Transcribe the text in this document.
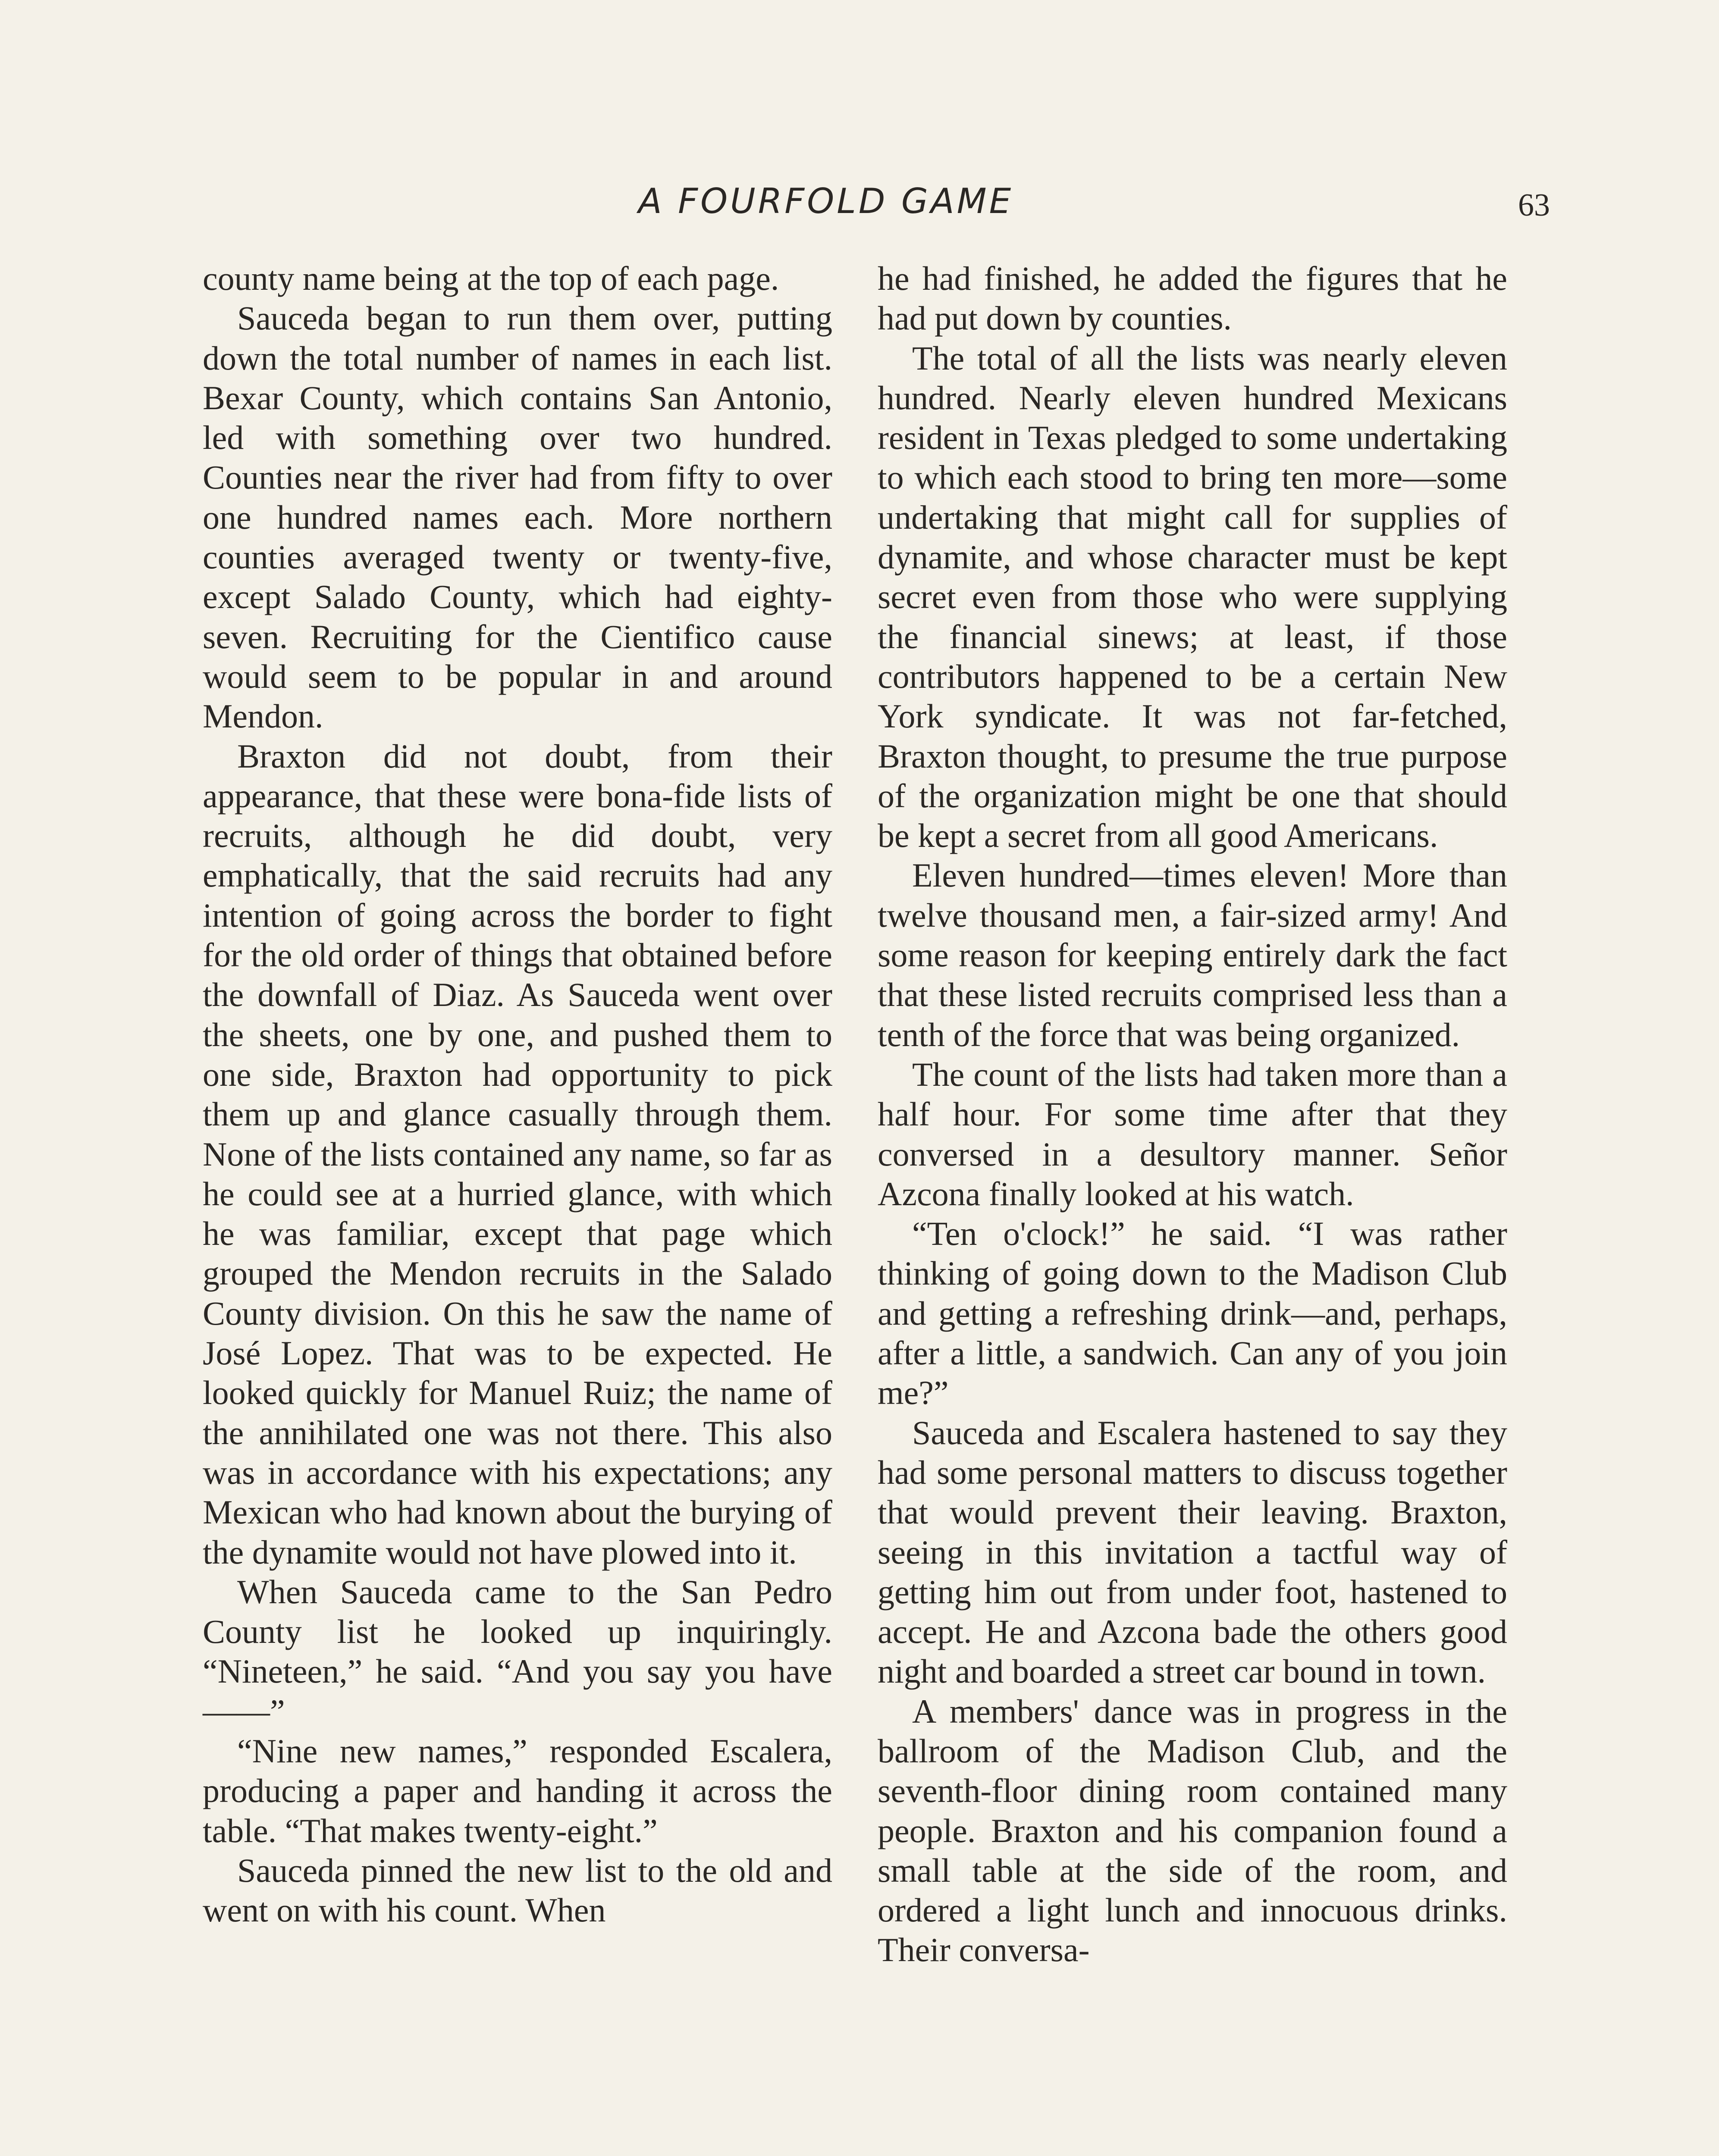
A FOURFOLD GAME	63

county name being at the top of each page.

Sauceda began to run them over, putting down the total number of names in each list. Bexar County, which contains San Antonio, led with something over two hundred. Counties near the river had from fifty to over one hundred names each. More northern counties averaged twenty or twenty-five, except Salado County, which had eighty-seven. Recruiting for the Cientifico cause would seem to be popular in and around Mendon.

Braxton did not doubt, from their appearance, that these were bona-fide lists of recruits, although he did doubt, very emphatically, that the said recruits had any intention of going across the border to fight for the old order of things that obtained before the downfall of Diaz. As Sauceda went over the sheets, one by one, and pushed them to one side, Braxton had opportunity to pick them up and glance casually through them. None of the lists contained any name, so far as he could see at a hurried glance, with which he was familiar, except that page which grouped the Mendon recruits in the Salado County division. On this he saw the name of José Lopez. That was to be expected. He looked quickly for Manuel Ruiz; the name of the annihilated one was not there. This also was in accordance with his expectations; any Mexican who had known about the burying of the dynamite would not have plowed into it.

When Sauceda came to the San Pedro County list he looked up inquiringly. “Nineteen,” he said. “And you say you have——”

“Nine new names,” responded Escalera, producing a paper and handing it across the table. “That makes twenty-eight.”

Sauceda pinned the new list to the old and went on with his count. When

he had finished, he added the figures that he had put down by counties.

The total of all the lists was nearly eleven hundred. Nearly eleven hundred Mexicans resident in Texas pledged to some undertaking to which each stood to bring ten more—some undertaking that might call for supplies of dynamite, and whose character must be kept secret even from those who were supplying the financial sinews; at least, if those contributors happened to be a certain New York syndicate. It was not far-fetched, Braxton thought, to presume the true purpose of the organization might be one that should be kept a secret from all good Americans.

Eleven hundred—times eleven! More than twelve thousand men, a fair-sized army! And some reason for keeping entirely dark the fact that these listed recruits comprised less than a tenth of the force that was being organized.

The count of the lists had taken more than a half hour. For some time after that they conversed in a desultory manner. Señor Azcona finally looked at his watch.

“Ten o'clock!” he said. “I was rather thinking of going down to the Madison Club and getting a refreshing drink—and, perhaps, after a little, a sandwich. Can any of you join me?”

Sauceda and Escalera hastened to say they had some personal matters to discuss together that would prevent their leaving. Braxton, seeing in this invitation a tactful way of getting him out from under foot, hastened to accept. He and Azcona bade the others good night and boarded a street car bound in town.

A members' dance was in progress in the ballroom of the Madison Club, and the seventh-floor dining room contained many people. Braxton and his companion found a small table at the side of the room, and ordered a light lunch and innocuous drinks. Their conversa-
